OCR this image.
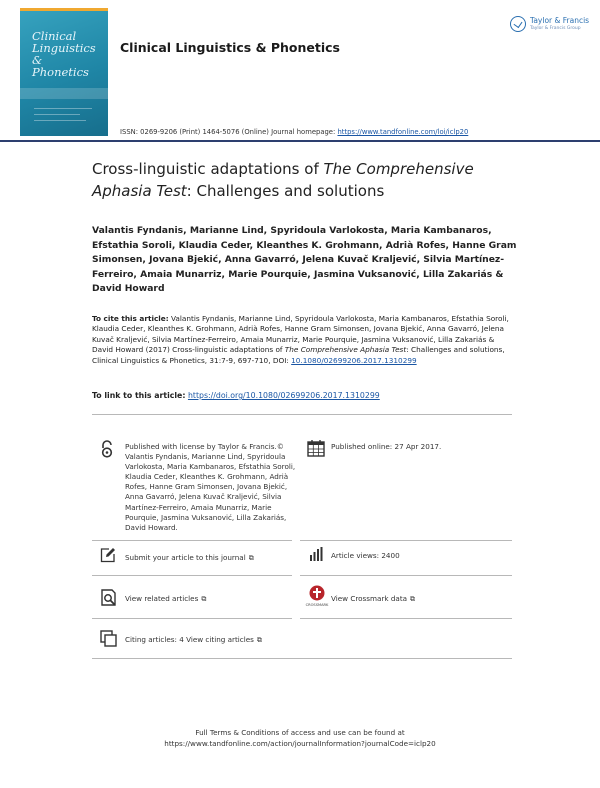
Clinical
Linguistics &
Phonetics
Clinical Linguistics & Phonetics
Taylor & Francis
Taylor & Francis Group
ISSN: 0269-9206 (Print) 1464-5076 (Online) Journal homepage: https://www.tandfonline.com/loi/iclp20
Cross-linguistic adaptations of The Comprehensive Aphasia Test: Challenges and solutions
Valantis Fyndanis, Marianne Lind, Spyridoula Varlokosta, Maria Kambanaros, Efstathia Soroli, Klaudia Ceder, Kleanthes K. Grohmann, Adrià Rofes, Hanne Gram Simonsen, Jovana Bjekić, Anna Gavarró, Jelena Kuvač Kraljević, Silvia Martínez-Ferreiro, Amaia Munarriz, Marie Pourquie, Jasmina Vuksanović, Lilla Zakariás & David Howard
To cite this article: Valantis Fyndanis, Marianne Lind, Spyridoula Varlokosta, Maria Kambanaros, Efstathia Soroli, Klaudia Ceder, Kleanthes K. Grohmann, Adrià Rofes, Hanne Gram Simonsen, Jovana Bjekić, Anna Gavarró, Jelena Kuvač Kraljević, Silvia Martínez-Ferreiro, Amaia Munarriz, Marie Pourquie, Jasmina Vuksanović, Lilla Zakariás & David Howard (2017) Cross-linguistic adaptations of The Comprehensive Aphasia Test: Challenges and solutions, Clinical Linguistics & Phonetics, 31:7-9, 697-710, DOI: 10.1080/02699206.2017.1310299
To link to this article: https://doi.org/10.1080/02699206.2017.1310299
Published with license by Taylor & Francis.© Valantis Fyndanis, Marianne Lind, Spyridoula Varlokosta, Maria Kambanaros, Efstathia Soroli, Klaudia Ceder, Kleanthes K. Grohmann, Adrià Rofes, Hanne Gram Simonsen, Jovana Bjekić, Anna Gavarró, Jelena Kuvač Kraljević, Silvia Martínez-Ferreiro, Amaia Munarriz, Marie Pourquie, Jasmina Vuksanović, Lilla Zakariás, David Howard.
Published online: 27 Apr 2017.
Submit your article to this journal ⧉	Article views: 2400
View related articles ⧉
CROSSMARK
View Crossmark data ⧉
Citing articles: 4 View citing articles ⧉
Full Terms & Conditions of access and use can be found at
https://www.tandfonline.com/action/journalInformation?journalCode=iclp20
